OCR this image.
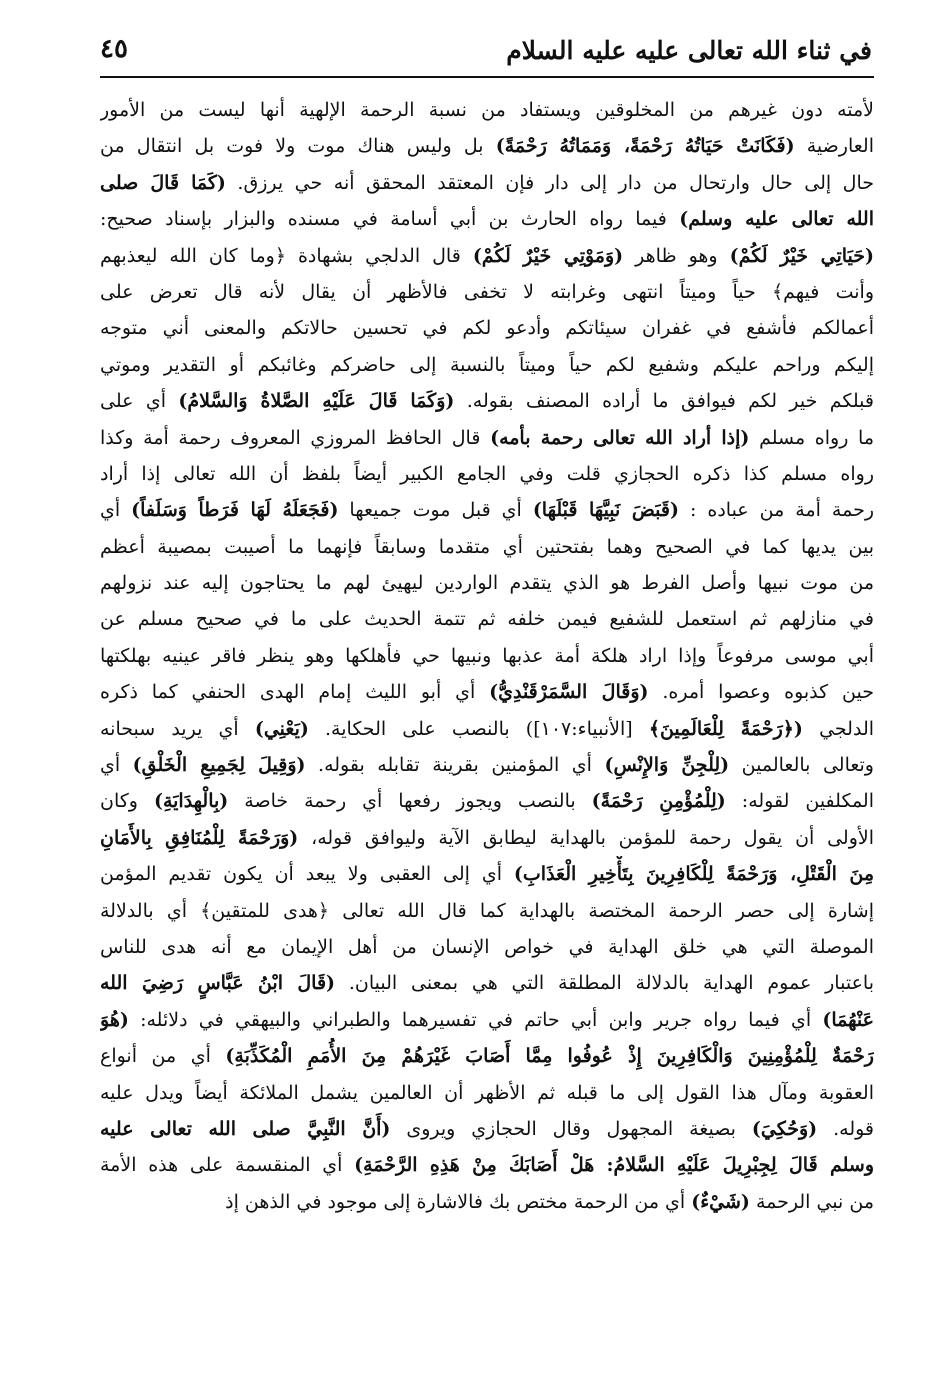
في ثناء الله تعالى عليه عليه السلام
٤٥
لأمته دون غيرهم من المخلوقين ويستفاد من نسبة الرحمة الإلهية أنها ليست من الأمور
العارضية (فَكَانَتْ حَيَاتُهُ رَحْمَةً، وَمَمَاتُهُ رَحْمَةً) بل وليس هناك موت ولا فوت بل انتقال من
حال إلى حال وارتحال من دار إلى دار فإن المعتقد المحقق أنه حي يرزق. (كَمَا قَالَ صلى
الله تعالى عليه وسلم) فيما رواه الحارث بن أبي أسامة في مسنده والبزار بإسناد صحيح:
(حَيَاتِي خَيْرٌ لَكُمْ) وهو ظاهر (وَمَوْتِي خَيْرٌ لَكُمْ) قال الدلجي بشهادة ﴿وما كان الله ليعذبهم
وأنت فيهم﴾ حياً وميتاً انتهى وغرابته لا تخفى فالأظهر أن يقال لأنه قال تعرض على
أعمالكم فأشفع في غفران سيئاتكم وأدعو لكم في تحسين حالاتكم والمعنى أني متوجه
إليكم وراحم عليكم وشفيع لكم حياً وميتاً بالنسبة إلى حاضركم وغائبكم أو التقدير وموتي
قبلكم خير لكم فيوافق ما أراده المصنف بقوله. (وَكَمَا قَالَ عَلَيْهِ الصَّلاةُ وَالسَّلامُ) أي على
ما رواه مسلم (إذا أراد الله تعالى رحمة بأمه) قال الحافظ المروزي المعروف رحمة أمة وكذا
رواه مسلم كذا ذكره الحجازي قلت وفي الجامع الكبير أيضاً بلفظ أن الله تعالى إذا أراد
رحمة أمة من عباده : (قَبَضَ نَبِيَّهَا قَبْلَهَا) أي قبل موت جميعها (فَجَعَلَهُ لَهَا فَرَطاً وَسَلَفاً) أي
بين يديها كما في الصحيح وهما بفتحتين أي متقدما وسابقاً فإنهما ما أصيبت بمصيبة أعظم
من موت نبيها وأصل الفرط هو الذي يتقدم الواردين ليهيئ لهم ما يحتاجون إليه عند نزولهم
في منازلهم ثم استعمل للشفيع فيمن خلفه ثم تتمة الحديث على ما في صحيح مسلم عن
أبي موسى مرفوعاً وإذا اراد هلكة أمة عذبها ونبيها حي فأهلكها وهو ينظر فاقر عينيه بهلكتها
حين كذبوه وعصوا أمره. (وَقَالَ السَّمَرْقَنْدِيُّ) أي أبو الليث إمام الهدى الحنفي كما ذكره
الدلجي (﴿رَحْمَةً لِلْعَالَمِينَ﴾ [الأنبياء:١٠٧]) بالنصب على الحكاية. (يَعْنِي) أي يريد سبحانه
وتعالى بالعالمين (لِلْجِنِّ وَالإِنْسِ) أي المؤمنين بقرينة تقابله بقوله. (وَقِيلَ لِجَمِيعِ الْخَلْقِ) أي
المكلفين لقوله: (لِلْمُؤْمِنِ رَحْمَةً) بالنصب ويجوز رفعها أي رحمة خاصة (بِالْهِدَايَةِ) وكان
الأولى أن يقول رحمة للمؤمن بالهداية ليطابق الآية وليوافق قوله، (وَرَحْمَةً لِلْمُنَافِقِ بِالأَمَانِ
مِنَ الْقَتْلِ، وَرَحْمَةً لِلْكَافِرِينَ بِتَأْخِيرِ الْعَذَابِ) أي إلى العقبى ولا يبعد أن يكون تقديم المؤمن
إشارة إلى حصر الرحمة المختصة بالهداية كما قال الله تعالى ﴿هدى للمتقين﴾ أي بالدلالة
الموصلة التي هي خلق الهداية في خواص الإنسان من أهل الإيمان مع أنه هدى للناس
باعتبار عموم الهداية بالدلالة المطلقة التي هي بمعنى البيان. (قَالَ ابْنُ عَبَّاسٍ رَضِيَ الله
عَنْهُمَا) أي فيما رواه جرير وابن أبي حاتم في تفسيرهما والطبراني والبيهقي في دلائله: (هُوَ
رَحْمَةٌ لِلْمُؤْمِنِينَ وَالْكَافِرِينَ إِذْ عُوفُوا مِمَّا أَصَابَ غَيْرَهُمْ مِنَ الأُمَمِ الْمُكَذِّبَةِ) أي من أنواع
العقوبة ومآل هذا القول إلى ما قبله ثم الأظهر أن العالمين يشمل الملائكة أيضاً ويدل عليه
قوله. (وَحُكِيَ) بصيغة المجهول وقال الحجازي ويروى (أَنَّ النَّبِيَّ صلى الله تعالى عليه
وسلم قَالَ لِجِبْرِيلَ عَلَيْهِ السَّلامُ: هَلْ أَصَابَكَ مِنْ هَذِهِ الرَّحْمَةِ) أي المنقسمة على هذه الأمة
من نبي الرحمة (شَيْءٌ) أي من الرحمة مختص بك فالاشارة إلى موجود في الذهن إذ
